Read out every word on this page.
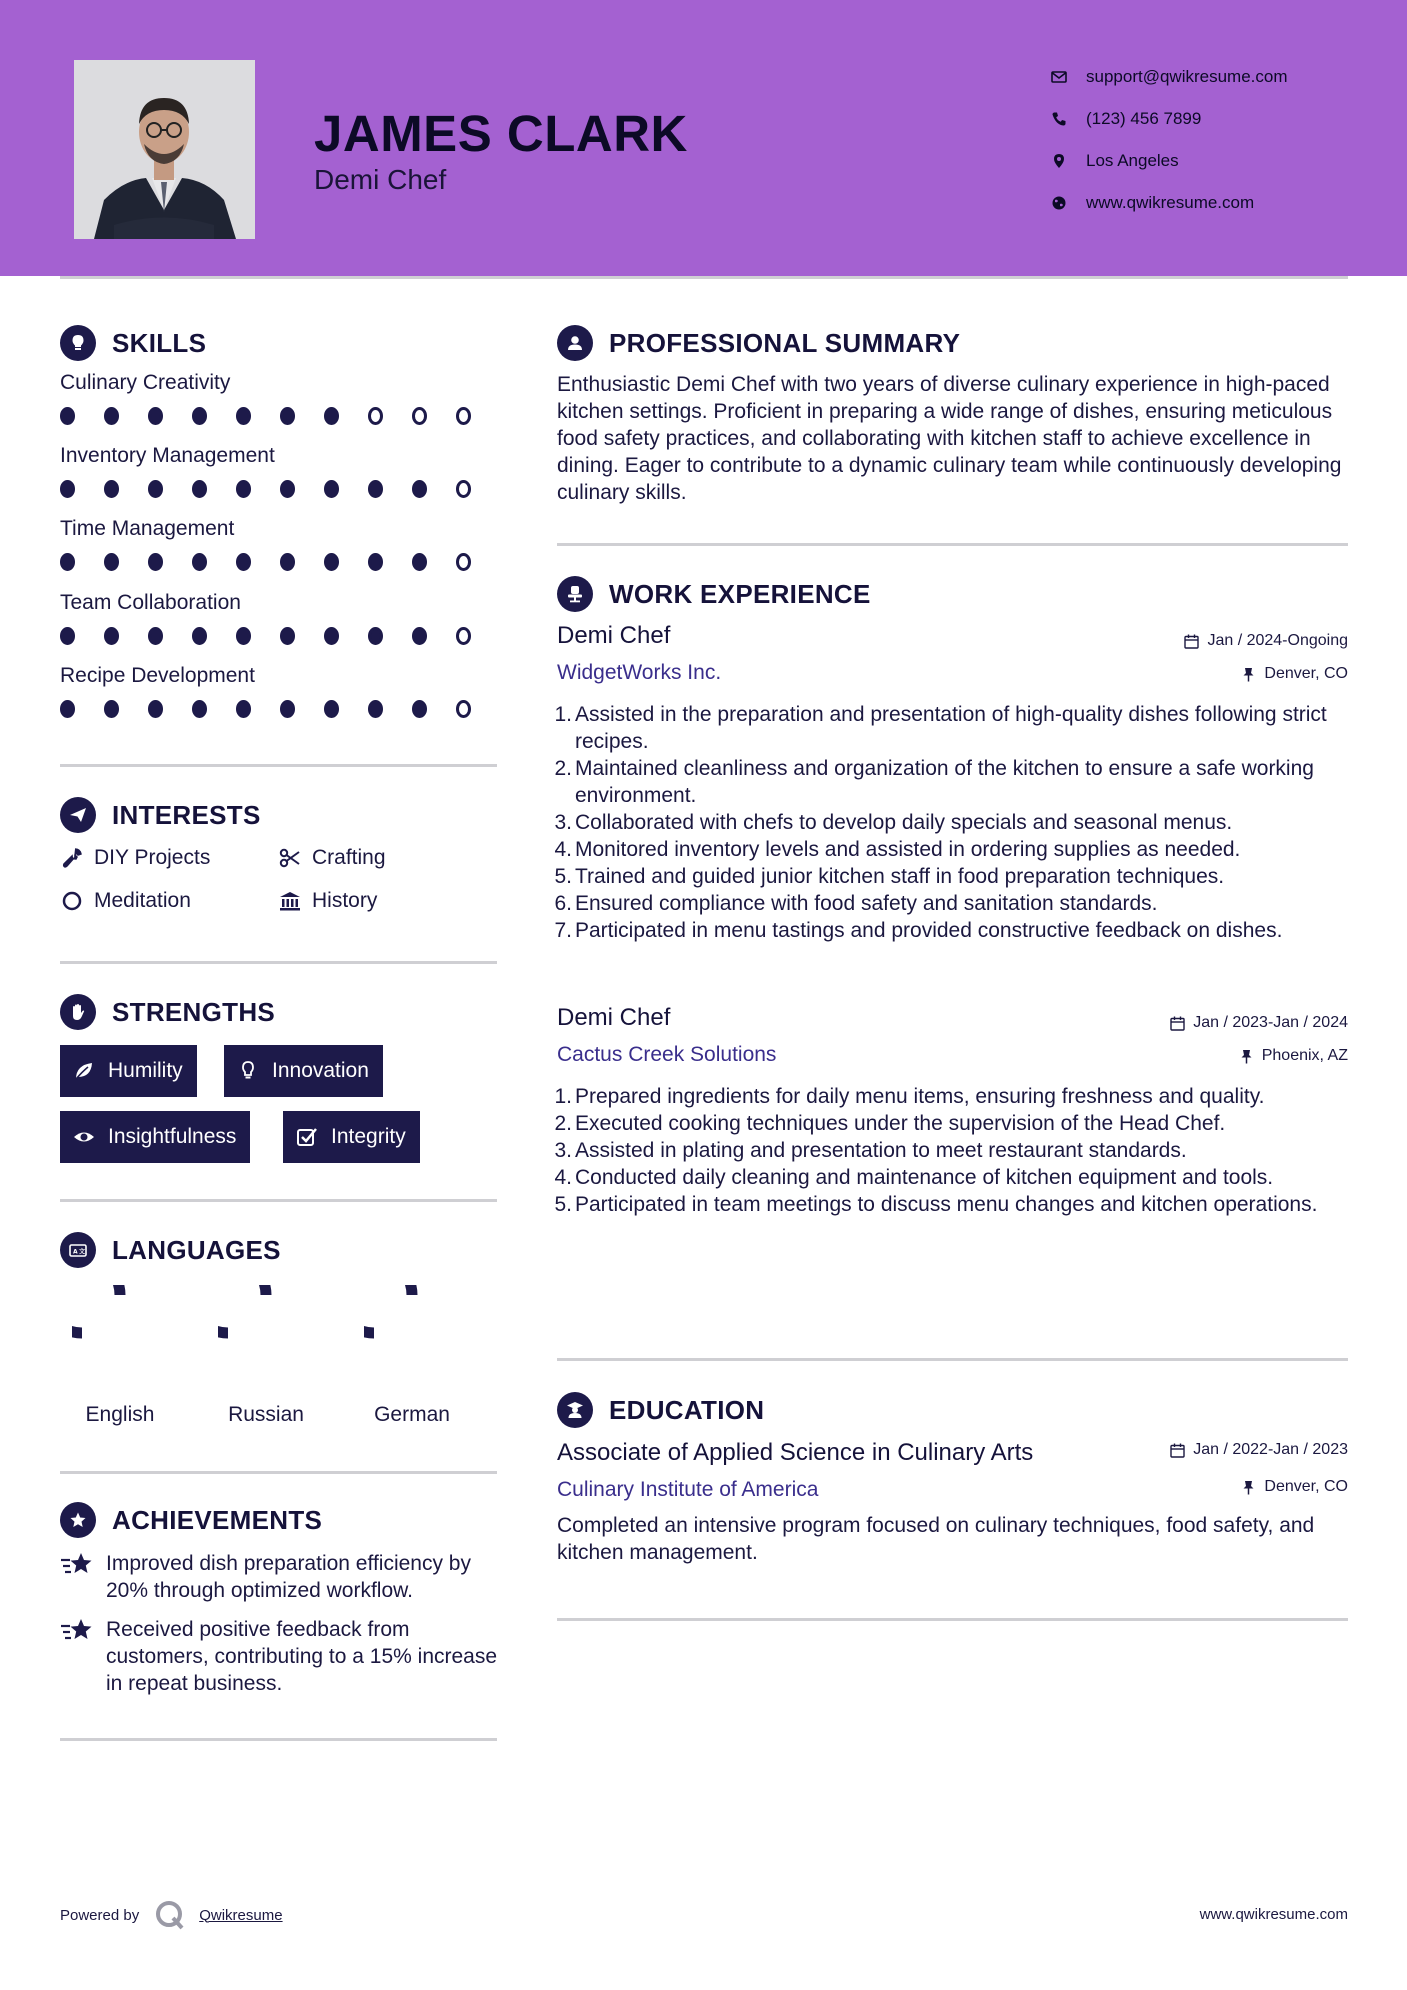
JAMES CLARK
Demi Chef
support@qwikresume.com
(123) 456 7899
Los Angeles
www.qwikresume.com
SKILLS
Culinary Creativity
Inventory Management
Time Management
Team Collaboration
Recipe Development
INTERESTS
DIY Projects	Crafting
Meditation	History
STRENGTHS
Humility	Innovation
Insightfulness	Integrity
A 文 LANGUAGES
English	Russian	German
ACHIEVEMENTS
Improved dish preparation efficiency by 20% through optimized workflow.
Received positive feedback from customers, contributing to a 15% increase in repeat business.
PROFESSIONAL SUMMARY
Enthusiastic Demi Chef with two years of diverse culinary experience in high-paced kitchen settings. Proficient in preparing a wide range of dishes, ensuring meticulous food safety practices, and collaborating with kitchen staff to achieve excellence in dining. Eager to contribute to a dynamic culinary team while continuously developing culinary skills.
WORK EXPERIENCE
Demi Chef
WidgetWorks Inc.
Jan / 2024-Ongoing
Denver, CO
1. Assisted in the preparation and presentation of high-quality dishes following strict recipes.
2. Maintained cleanliness and organization of the kitchen to ensure a safe working environment.
3. Collaborated with chefs to develop daily specials and seasonal menus.
4. Monitored inventory levels and assisted in ordering supplies as needed.
5. Trained and guided junior kitchen staff in food preparation techniques.
6. Ensured compliance with food safety and sanitation standards.
7. Participated in menu tastings and provided constructive feedback on dishes.
Demi Chef
Cactus Creek Solutions
Jan / 2023-Jan / 2024
Phoenix, AZ
1. Prepared ingredients for daily menu items, ensuring freshness and quality.
2. Executed cooking techniques under the supervision of the Head Chef.
3. Assisted in plating and presentation to meet restaurant standards.
4. Conducted daily cleaning and maintenance of kitchen equipment and tools.
5. Participated in team meetings to discuss menu changes and kitchen operations.
EDUCATION
Associate of Applied Science in Culinary Arts
Culinary Institute of America
Jan / 2022-Jan / 2023
Denver, CO
Completed an intensive program focused on culinary techniques, food safety, and kitchen management.
Powered by	Qwikresume	www.qwikresume.com
